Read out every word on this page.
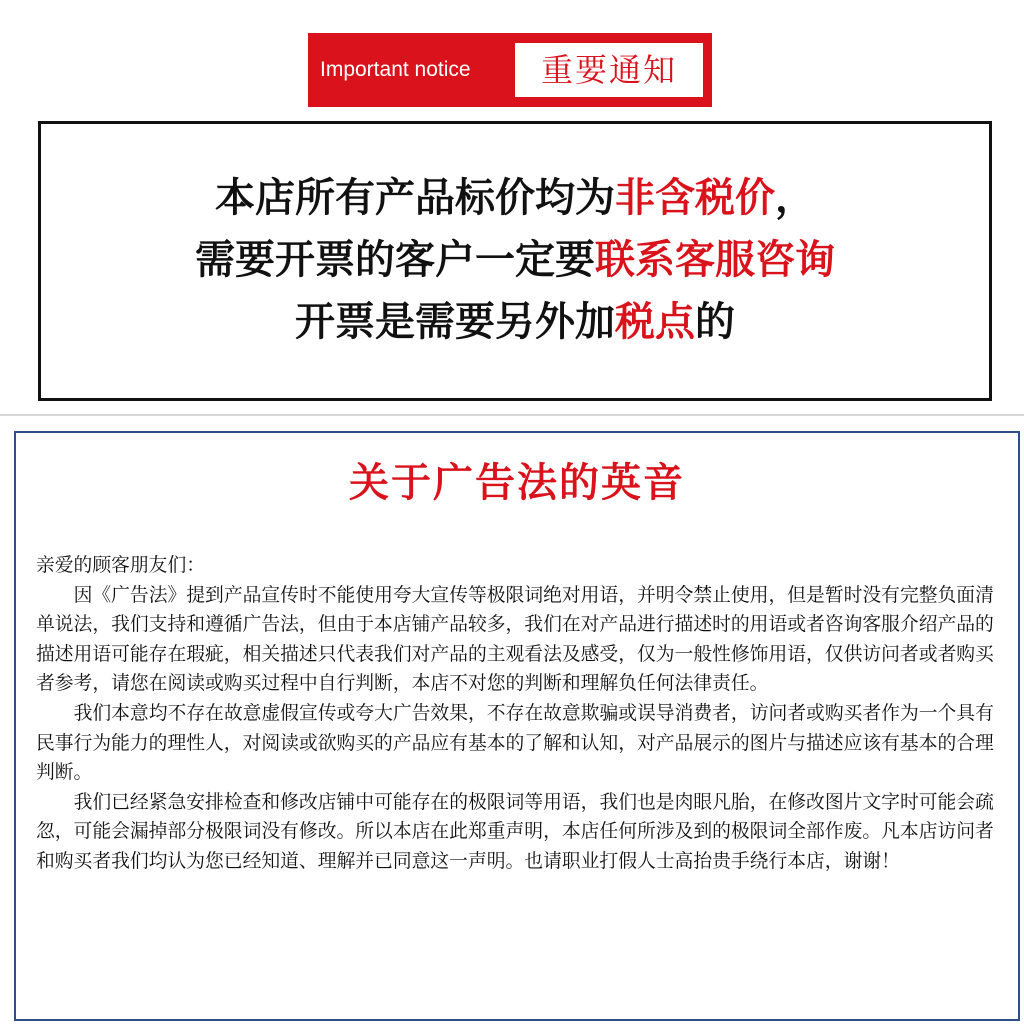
Important notice	重要通知
本店所有产品标价均为非含税价，
需要开票的客户一定要联系客服咨询
开票是需要另外加税点的
关于广告法的英音

亲爱的顾客朋友们：

因《广告法》提到产品宣传时不能使用夸大宣传等极限词绝对用语，并明令禁止使用，但是暂时没有完整负面清单说法，我们支持和遵循广告法，但由于本店铺产品较多，我们在对产品进行描述时的用语或者咨询客服介绍产品的描述用语可能存在瑕疵，相关描述只代表我们对产品的主观看法及感受，仅为一般性修饰用语，仅供访问者或者购买者参考，请您在阅读或购买过程中自行判断，本店不对您的判断和理解负任何法律责任。

我们本意均不存在故意虚假宣传或夸大广告效果，不存在故意欺骗或误导消费者，访问者或购买者作为一个具有民事行为能力的理性人，对阅读或欲购买的产品应有基本的了解和认知，对产品展示的图片与描述应该有基本的合理判断。

我们已经紧急安排检查和修改店铺中可能存在的极限词等用语，我们也是肉眼凡胎，在修改图片文字时可能会疏忽，可能会漏掉部分极限词没有修改。所以本店在此郑重声明，本店任何所涉及到的极限词全部作废。凡本店访问者和购买者我们均认为您已经知道、理解并已同意这一声明。也请职业打假人士高抬贵手绕行本店，谢谢！
